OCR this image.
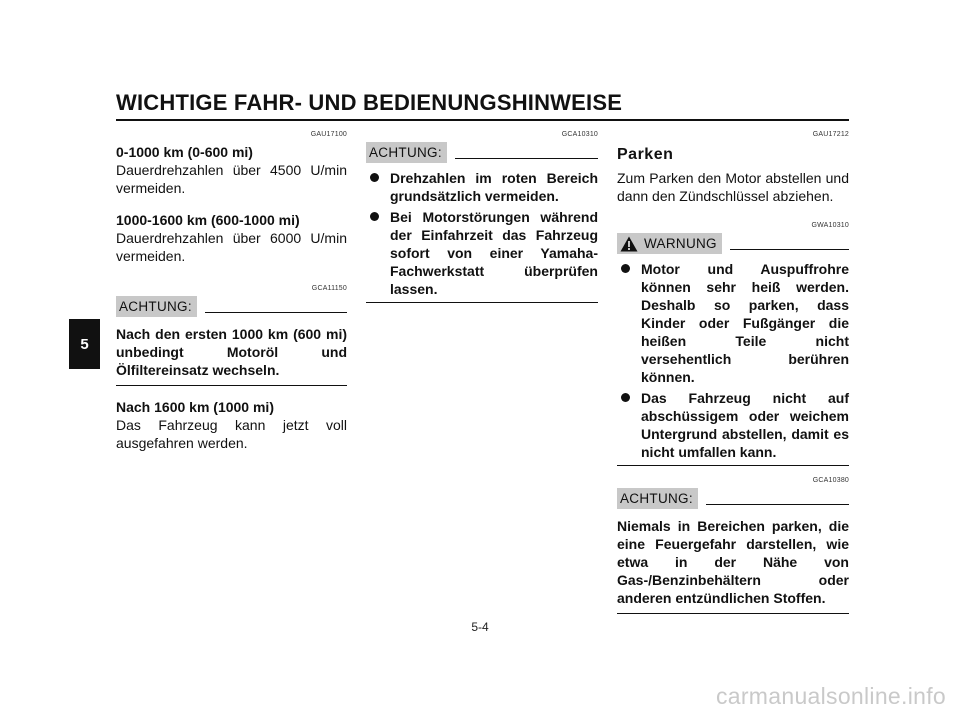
WICHTIGE FAHR- UND BEDIENUNGSHINWEISE
5
GAU17100
0-1000 km (0-600 mi)
Dauerdrehzahlen über 4500 U/min vermeiden.
1000-1600 km (600-1000 mi)
Dauerdrehzahlen über 6000 U/min vermeiden.
GCA11150
ACHTUNG:
Nach den ersten 1000 km (600 mi) unbedingt Motoröl und Ölfiltereinsatz wechseln.
Nach 1600 km (1000 mi)
Das Fahrzeug kann jetzt voll ausgefahren werden.
GCA10310
ACHTUNG:
Drehzahlen im roten Bereich grundsätzlich vermeiden.
Bei Motorstörungen während der Einfahrzeit das Fahrzeug sofort von einer Yamaha-Fachwerkstatt überprüfen lassen.
GAU17212
Parken
Zum Parken den Motor abstellen und dann den Zündschlüssel abziehen.
GWA10310
WARNUNG
Motor und Auspuffrohre können sehr heiß werden. Deshalb so parken, dass Kinder oder Fußgänger die heißen Teile nicht versehentlich berühren können.
Das Fahrzeug nicht auf abschüssigem oder weichem Untergrund abstellen, damit es nicht umfallen kann.
GCA10380
ACHTUNG:
Niemals in Bereichen parken, die eine Feuergefahr darstellen, wie etwa in der Nähe von Gas-/Benzinbehältern oder anderen entzündlichen Stoffen.
5-4
carmanualsonline.info
